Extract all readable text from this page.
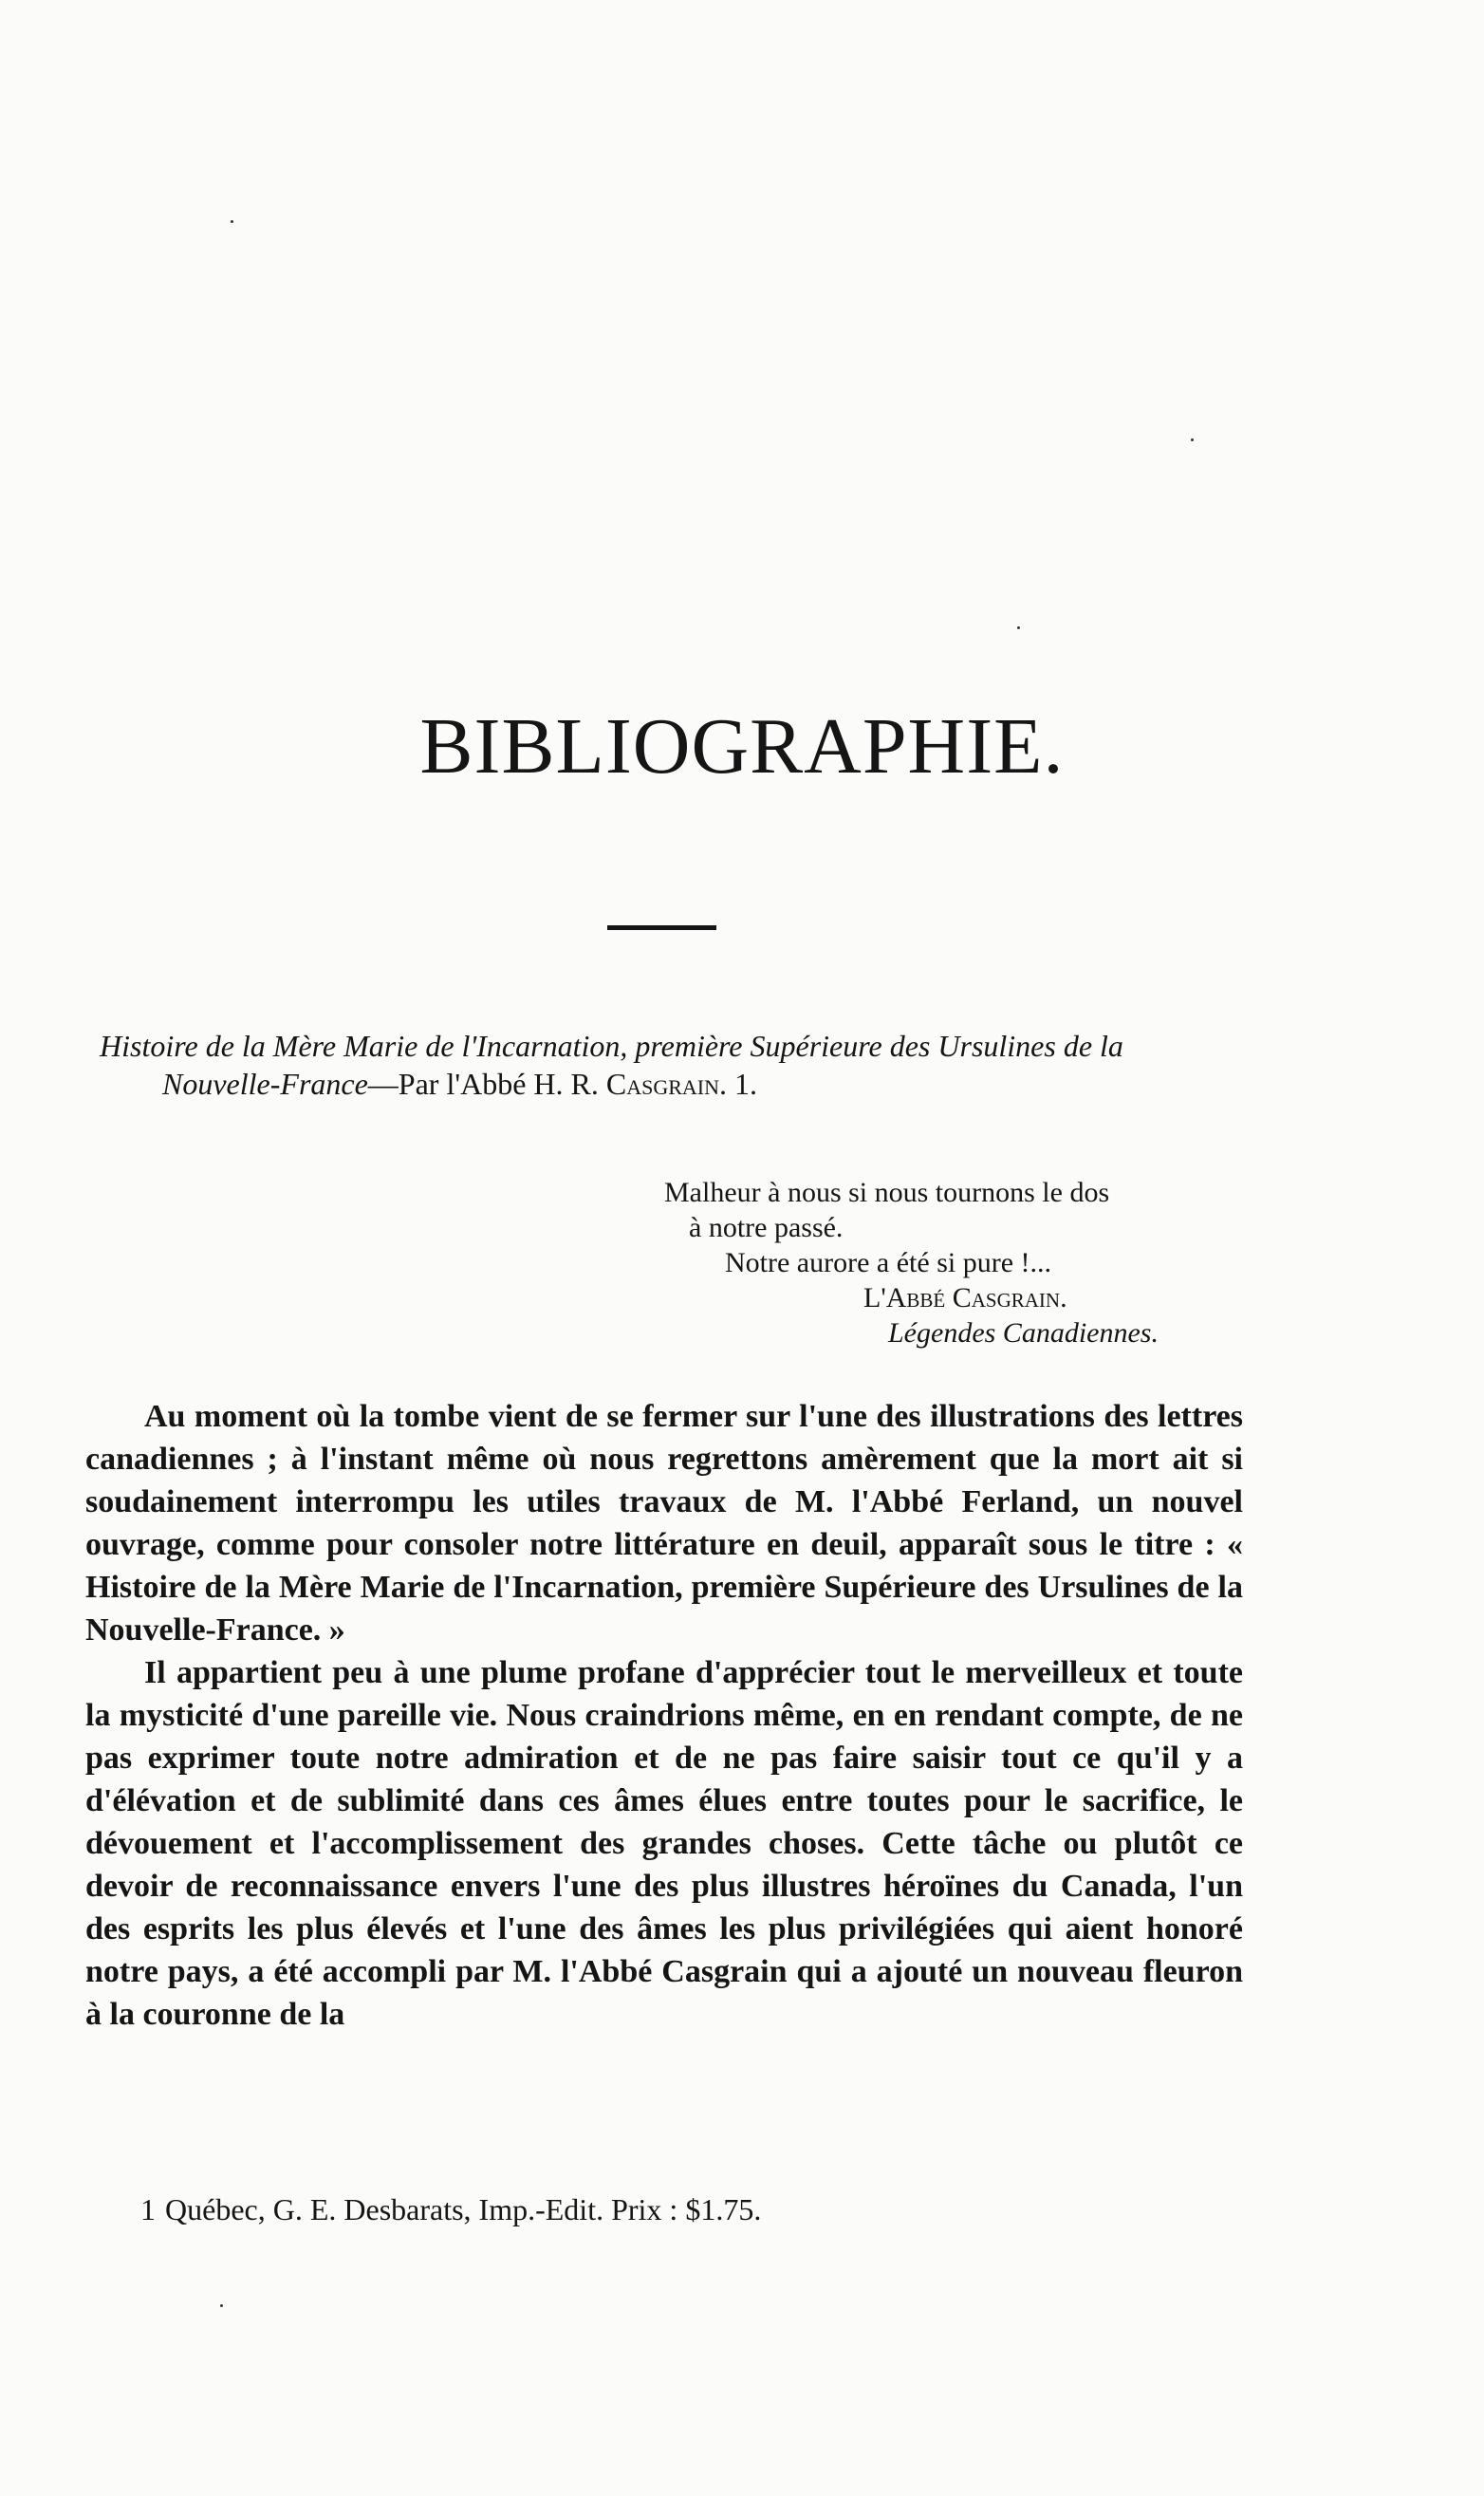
BIBLIOGRAPHIE.
Histoire de la Mère Marie de l'Incarnation, première Supérieure des Ursulines de la
Nouvelle-France—Par l'Abbé H. R. Casgrain. 1.
Malheur à nous si nous tournons le dos
à notre passé.
Notre aurore a été si pure !...
L'Abbé Casgrain.
Légendes Canadiennes.

Au moment où la tombe vient de se fermer sur l'une des illustrations des lettres canadiennes ; à l'instant même où nous regrettons amèrement que la mort ait si soudainement interrompu les utiles travaux de M. l'Abbé Ferland, un nouvel ouvrage, comme pour consoler notre littérature en deuil, apparaît sous le titre : « Histoire de la Mère Marie de l'Incarnation, première Supérieure des Ursulines de la Nouvelle-France. »

Il appartient peu à une plume profane d'apprécier tout le merveilleux et toute la mysticité d'une pareille vie. Nous craindrions même, en en rendant compte, de ne pas exprimer toute notre admiration et de ne pas faire saisir tout ce qu'il y a d'élévation et de sublimité dans ces âmes élues entre toutes pour le sacrifice, le dévouement et l'accomplissement des grandes choses. Cette tâche ou plutôt ce devoir de reconnaissance envers l'une des plus illustres héroïnes du Canada, l'un des esprits les plus élevés et l'une des âmes les plus privilégiées qui aient honoré notre pays, a été accompli par M. l'Abbé Casgrain qui a ajouté un nouveau fleuron à la couronne de la

1 Québec, G. E. Desbarats, Imp.-Edit. Prix : $1.75.
